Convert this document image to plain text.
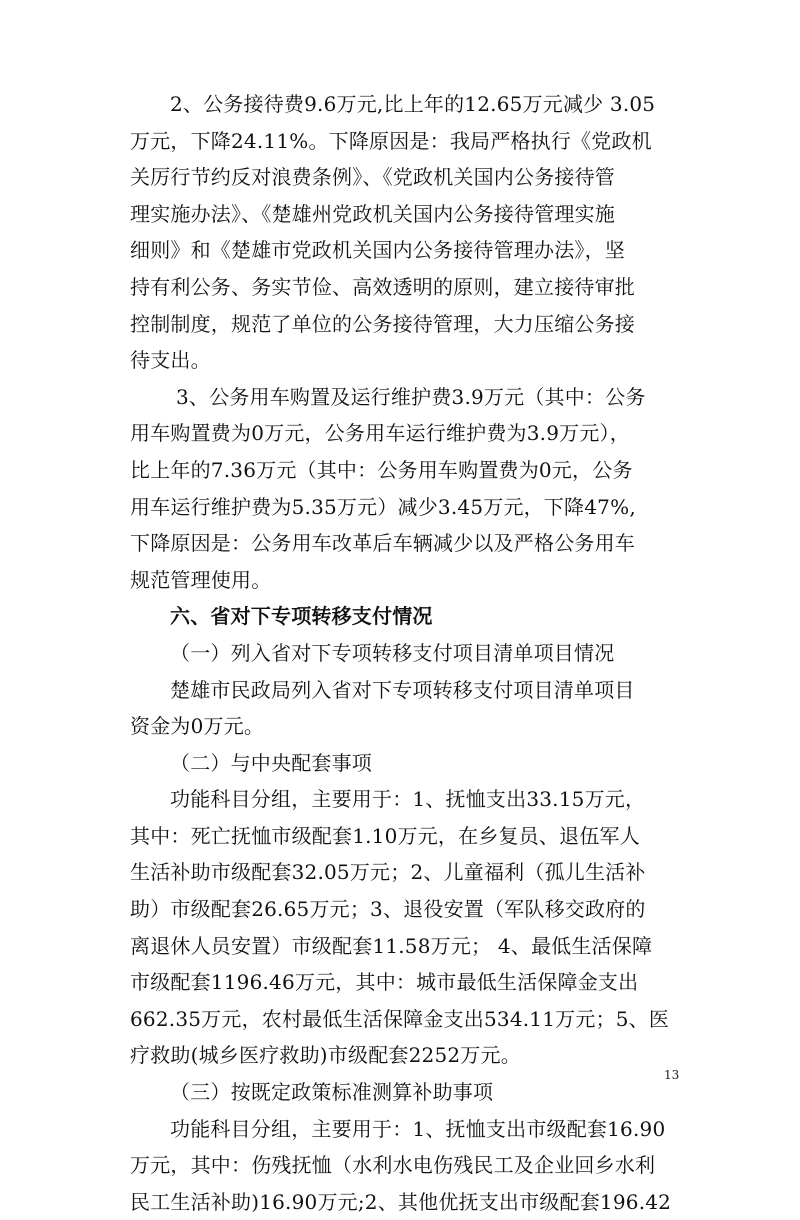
2、公务接待费9.6万元,比上年的12.65万元减少 3.05
万元，下降24.11%。下降原因是：我局严格执行《党政机
关厉行节约反对浪费条例》、《党政机关国内公务接待管
理实施办法》、《楚雄州党政机关国内公务接待管理实施
细则》和《楚雄市党政机关国内公务接待管理办法》，坚
持有利公务、务实节俭、高效透明的原则，建立接待审批
控制制度，规范了单位的公务接待管理，大力压缩公务接
待支出。
3、公务用车购置及运行维护费3.9万元（其中：公务
用车购置费为0万元，公务用车运行维护费为3.9万元），
比上年的7.36万元（其中：公务用车购置费为0元，公务
用车运行维护费为5.35万元）减少3.45万元，下降47%,
下降原因是：公务用车改革后车辆减少以及严格公务用车
规范管理使用。
六、省对下专项转移支付情况
（一）列入省对下专项转移支付项目清单项目情况
楚雄市民政局列入省对下专项转移支付项目清单项目
资金为0万元。
（二）与中央配套事项
功能科目分组，主要用于：1、抚恤支出33.15万元，
其中：死亡抚恤市级配套1.10万元，在乡复员、退伍军人
生活补助市级配套32.05万元；2、儿童福利（孤儿生活补
助）市级配套26.65万元；3、退役安置（军队移交政府的
离退休人员安置）市级配套11.58万元； 4、最低生活保障
市级配套1196.46万元，其中：城市最低生活保障金支出
662.35万元，农村最低生活保障金支出534.11万元；5、医
疗救助(城乡医疗救助)市级配套2252万元。
（三）按既定政策标准测算补助事项
功能科目分组，主要用于：1、抚恤支出市级配套16.90
万元，其中：伤残抚恤（水利水电伤残民工及企业回乡水利
民工生活补助)16.90万元;2、其他优抚支出市级配套196.42
13
